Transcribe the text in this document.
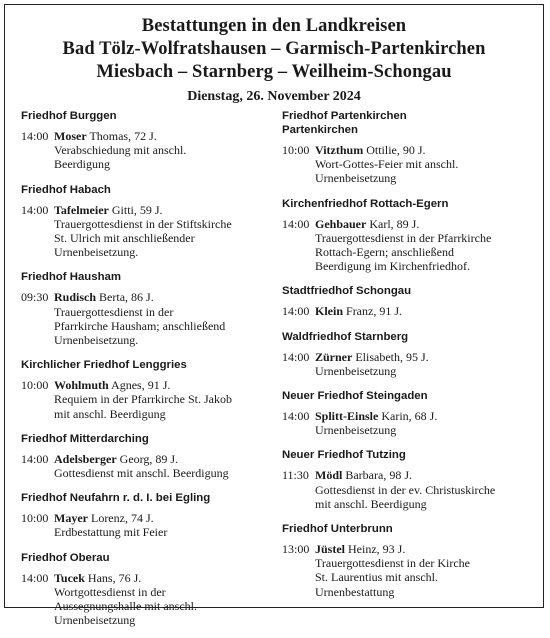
Bestattungen in den Landkreisen
Bad Tölz-Wolfratshausen – Garmisch-Partenkirchen
Miesbach – Starnberg – Weilheim-Schongau
Dienstag, 26. November 2024
Friedhof Burggen
14:00 Moser Thomas, 72 J.
Verabschiedung mit anschl.
Beerdigung
Friedhof Habach
14:00 Tafelmeier Gitti, 59 J.
Trauergottesdienst in der Stiftskirche
St. Ulrich mit anschließender
Urnenbeisetzung.
Friedhof Hausham
09:30 Rudisch Berta, 86 J.
Trauergottesdienst in der
Pfarrkirche Hausham; anschließend
Urnenbeisetzung.
Kirchlicher Friedhof Lenggries
10:00 Wohlmuth Agnes, 91 J.
Requiem in der Pfarrkirche St. Jakob
mit anschl. Beerdigung
Friedhof Mitterdarching
14:00 Adelsberger Georg, 89 J.
Gottesdienst mit anschl. Beerdigung
Friedhof Neufahrn r. d. I. bei Egling
10:00 Mayer Lorenz, 74 J.
Erdbestattung mit Feier
Friedhof Oberau
14:00 Tucek Hans, 76 J.
Wortgottesdienst in der
Aussegnungshalle mit anschl.
Urnenbeisetzung
Friedhof Partenkirchen
Partenkirchen
10:00 Vitzthum Ottilie, 90 J.
Wort-Gottes-Feier mit anschl.
Urnenbeisetzung
Kirchenfriedhof Rottach-Egern
14:00 Gehbauer Karl, 89 J.
Trauergottesdienst in der Pfarrkirche
Rottach-Egern; anschließend
Beerdigung im Kirchenfriedhof.
Stadtfriedhof Schongau
14:00 Klein Franz, 91 J.
Waldfriedhof Starnberg
14:00 Zürner Elisabeth, 95 J.
Urnenbeisetzung
Neuer Friedhof Steingaden
14:00 Splitt-Einsle Karin, 68 J.
Urnenbeisetzung
Neuer Friedhof Tutzing
11:30 Mödl Barbara, 98 J.
Gottesdienst in der ev. Christuskirche
mit anschl. Beerdigung
Friedhof Unterbrunn
13:00 Jüstel Heinz, 93 J.
Trauergottesdienst in der Kirche
St. Laurentius mit anschl.
Urnenbestattung
